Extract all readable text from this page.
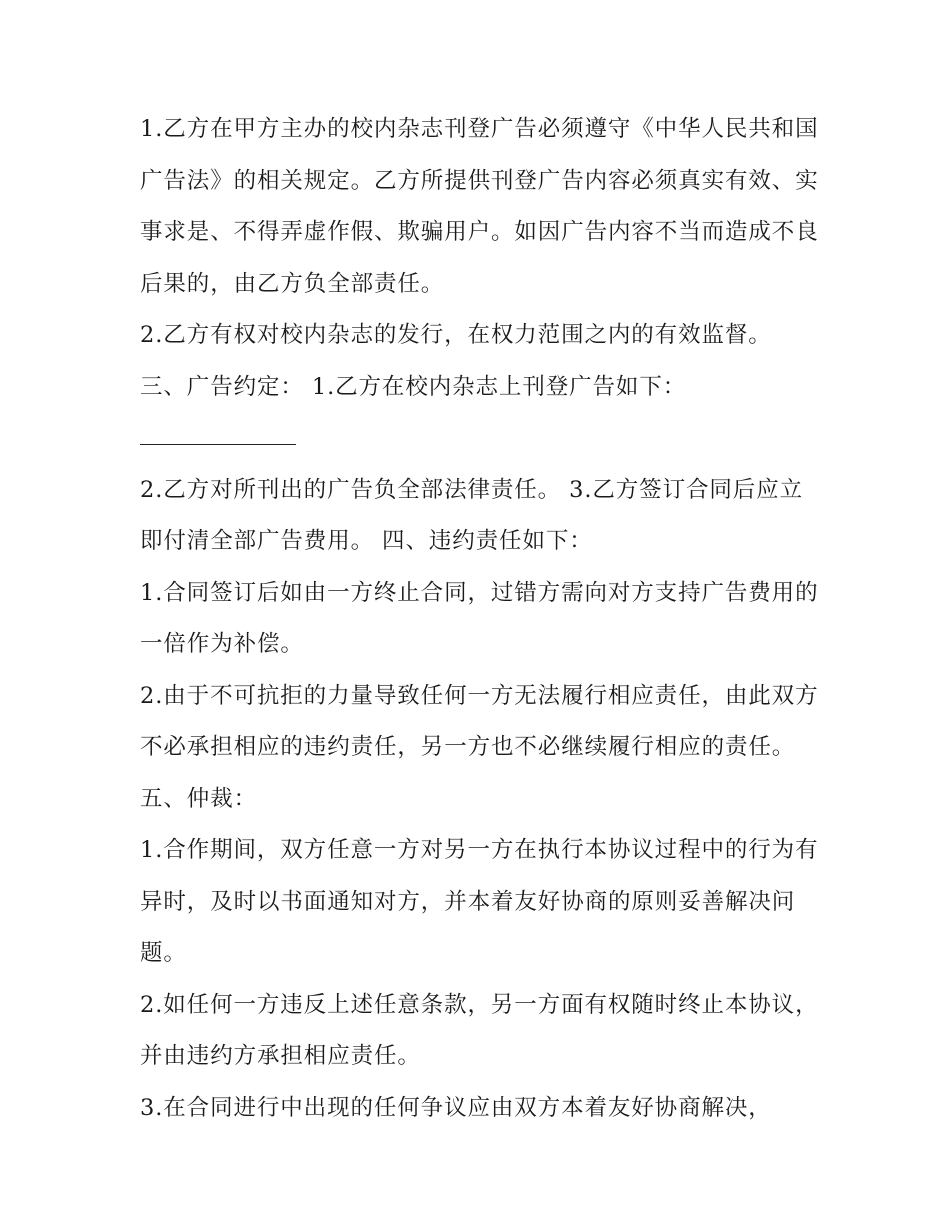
1.乙方在甲方主办的校内杂志刊登广告必须遵守《中华人民共和国广告法》的相关规定。乙方所提供刊登广告内容必须真实有效、实事求是、不得弄虚作假、欺骗用户。如因广告内容不当而造成不良后果的，由乙方负全部责任。

2.乙方有权对校内杂志的发行，在权力范围之内的有效监督。

三、广告约定： 1.乙方在校内杂志上刊登广告如下：

2.乙方对所刊出的广告负全部法律责任。 3.乙方签订合同后应立即付清全部广告费用。 四、违约责任如下：

1.合同签订后如由一方终止合同，过错方需向对方支持广告费用的一倍作为补偿。

2.由于不可抗拒的力量导致任何一方无法履行相应责任，由此双方不必承担相应的违约责任，另一方也不必继续履行相应的责任。 五、仲裁：

1.合作期间，双方任意一方对另一方在执行本协议过程中的行为有异时，及时以书面通知对方，并本着友好协商的原则妥善解决问题。

2.如任何一方违反上述任意条款，另一方面有权随时终止本协议，并由违约方承担相应责任。

3.在合同进行中出现的任何争议应由双方本着友好协商解决，
